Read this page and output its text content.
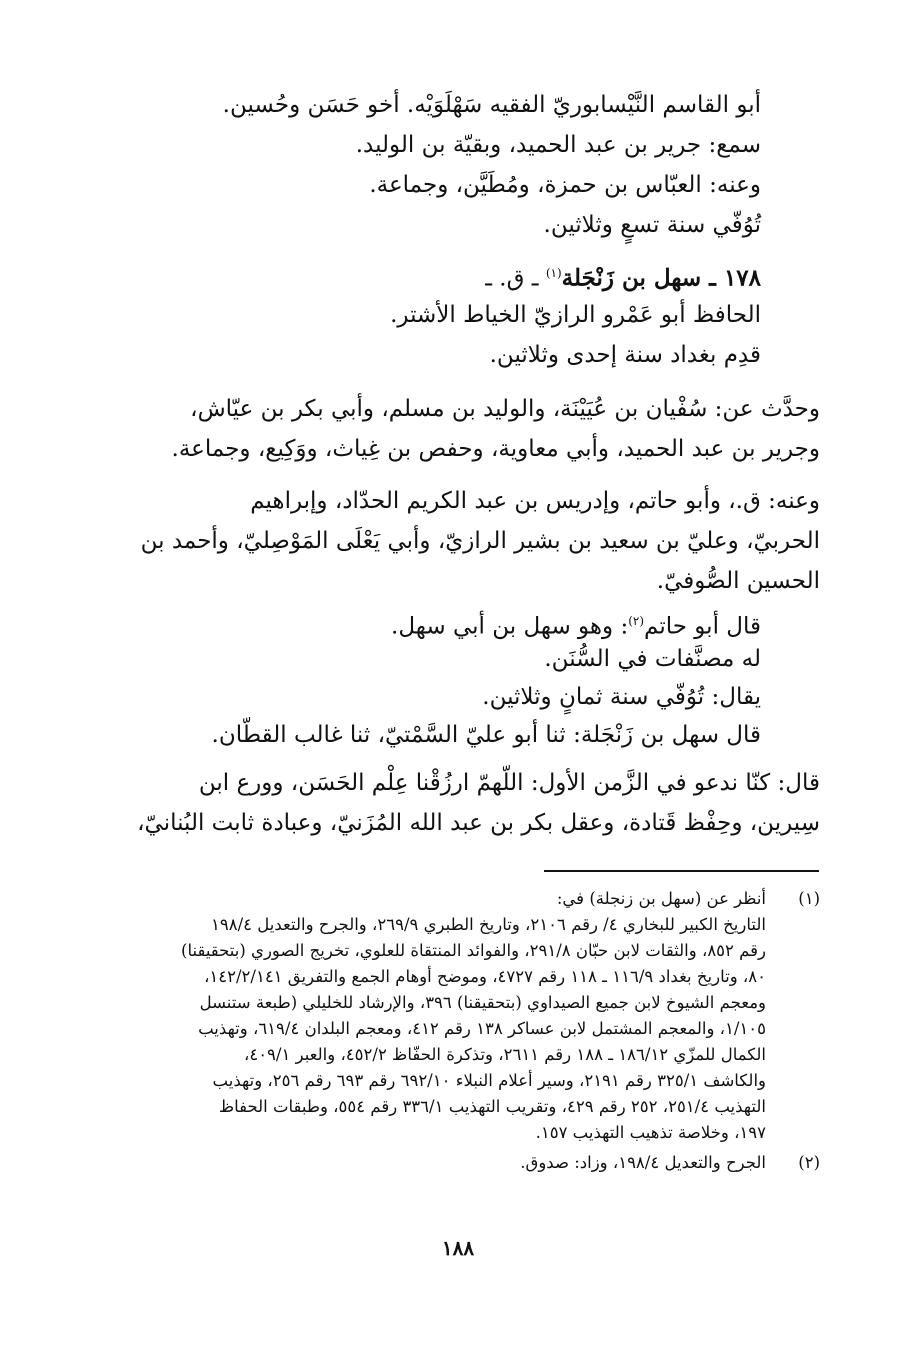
أبو القاسم النَّيْسابوريّ الفقيه سَهْلَوَيْه. أخو حَسَن وحُسين.

سمع: جرير بن عبد الحميد، وبقيّة بن الوليد.

وعنه: العبّاس بن حمزة، ومُطَيَّن، وجماعة.

تُوُفّي سنة تسعٍ وثلاثين.

١٧٨ ـ سهل بن زَنْجَلة$^{(١)}$ ـ ق. ـ

الحافظ أبو عَمْرو الرازيّ الخياط الأشتر.

قدِم بغداد سنة إحدى وثلاثين.

وحدَّث عن: سُفْيان بن عُيَيْنَة، والوليد بن مسلم، وأبي بكر بن عيّاش،

وجرير بن عبد الحميد، وأبي معاوية، وحفص بن غِياث، ووَكِيع، وجماعة.

وعنه: ق.، وأبو حاتم، وإدريس بن عبد الكريم الحدّاد، وإبراهيم

الحربيّ، وعليّ بن سعيد بن بشير الرازيّ، وأبي يَعْلَى المَوْصِليّ، وأحمد بن

الحسين الصُّوفيّ.

قال أبو حاتم$^{(٢)}$: وهو سهل بن أبي سهل.

له مصنَّفات في السُّنَن.

يقال: تُوُفّي سنة ثمانٍ وثلاثين.

قال سهل بن زَنْجَلة: ثنا أبو عليّ السَّمْتيّ، ثنا غالب القطّان.

قال: كنّا ندعو في الزَّمن الأول: اللّهمّ ارزُقْنا عِلْم الحَسَن، وورع ابن

سِيرين، وحِفْظ قَتادة، وعقل بكر بن عبد الله المُزَنيّ، وعبادة ثابت البُنانيّ،

(١)
أنظر عن (سهل بن زنجلة) في:
التاريخ الكبير للبخاري ٤/ رقم ٢١٠٦، وتاريخ الطبري ٢٦٩/٩، والجرح والتعديل ١٩٨/٤
رقم ٨٥٢، والثقات لابن حبّان ٢٩١/٨، والفوائد المنتقاة للعلوي، تخريج الصوري (بتحقيقنا)
٨٠، وتاريخ بغداد ١١٦/٩ ـ ١١٨ رقم ٤٧٢٧، وموضح أوهام الجمع والتفريق ١٤٢/٢/١٤١،
ومعجم الشيوخ لابن جميع الصيداوي (بتحقيقنا) ٣٩٦، والإرشاد للخليلي (طبعة ستنسل
١/١٠٥، والمعجم المشتمل لابن عساكر ١٣٨ رقم ٤١٢، ومعجم البلدان ٦١٩/٤، وتهذيب
الكمال للمزّي ١٨٦/١٢ ـ ١٨٨ رقم ٢٦١١، وتذكرة الحفّاظ ٤٥٢/٢، والعبر ٤٠٩/١،
والكاشف ٣٢٥/١ رقم ٢١٩١، وسير أعلام النبلاء ٦٩٢/١٠ رقم ٦٩٣ رقم ٢٥٦، وتهذيب
التهذيب ٢٥١/٤، ٢٥٢ رقم ٤٢٩، وتقريب التهذيب ٣٣٦/١ رقم ٥٥٤، وطبقات الحفاظ
١٩٧، وخلاصة تذهيب التهذيب ١٥٧.
(٢)
الجرح والتعديل ١٩٨/٤، وزاد: صدوق.
١٨٨
